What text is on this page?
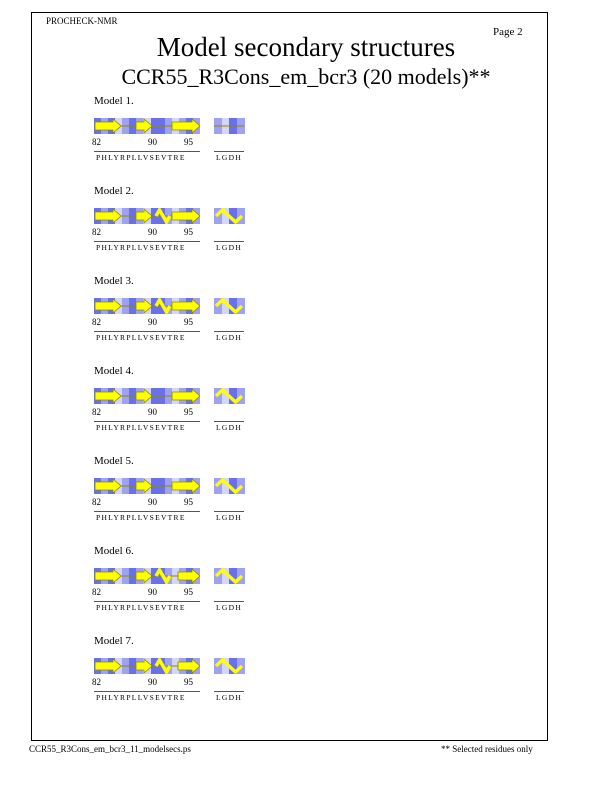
PROCHECK-NMR
Page 2
Model secondary structures
CCR55_R3Cons_em_bcr3 (20 models)**
Model 1.
82	90	95
PHLYRPLLVSEVTRE	LGDH
Model 2.
82	90	95
PHLYRPLLVSEVTRE	LGDH
Model 3.
82	90	95
PHLYRPLLVSEVTRE	LGDH
Model 4.
82	90	95
PHLYRPLLVSEVTRE	LGDH
Model 5.
82	90	95
PHLYRPLLVSEVTRE	LGDH
Model 6.
82	90	95
PHLYRPLLVSEVTRE	LGDH
Model 7.
82	90	95
PHLYRPLLVSEVTRE	LGDH
CCR55_R3Cons_em_bcr3_11_modelsecs.ps	** Selected residues only
